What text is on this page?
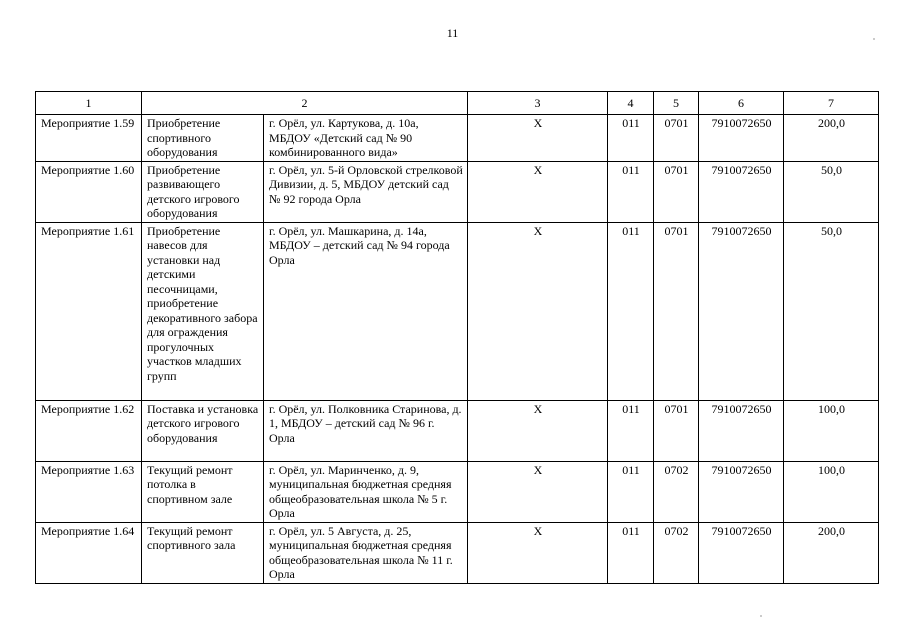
11
1	2		3	4	5	6	7
Мероприятие 1.59	Приобретение спортивного оборудования	г. Орёл, ул. Картукова, д. 10а, МБДОУ «Детский сад № 90 комбинированного вида»	Х	011	0701	7910072650	200,0
Мероприятие 1.60	Приобретение развивающего детского игрового оборудования	г. Орёл, ул. 5-й Орловской стрелковой Дивизии, д. 5, МБДОУ детский сад № 92 города Орла	Х	011	0701	7910072650	50,0
Мероприятие 1.61	Приобретение навесов для установки над детскими песочницами, приобретение декоративного забора для ограждения прогулочных участков младших групп	г. Орёл, ул. Машкарина, д. 14а, МБДОУ – детский сад № 94 города Орла	Х	011	0701	7910072650	50,0
Мероприятие 1.62	Поставка и установка детского игрового оборудования	г. Орёл, ул. Полковника Старинова, д. 1, МБДОУ – детский сад № 96 г. Орла	Х	011	0701	7910072650	100,0
Мероприятие 1.63	Текущий ремонт потолка в спортивном зале	г. Орёл, ул. Маринченко, д. 9, муниципальная бюджетная средняя общеобразовательная школа № 5 г. Орла	Х	011	0702	7910072650	100,0
Мероприятие 1.64	Текущий ремонт спортивного зала	г. Орёл, ул. 5 Августа, д. 25, муниципальная бюджетная средняя общеобразовательная школа № 11 г. Орла	Х	011	0702	7910072650	200,0
